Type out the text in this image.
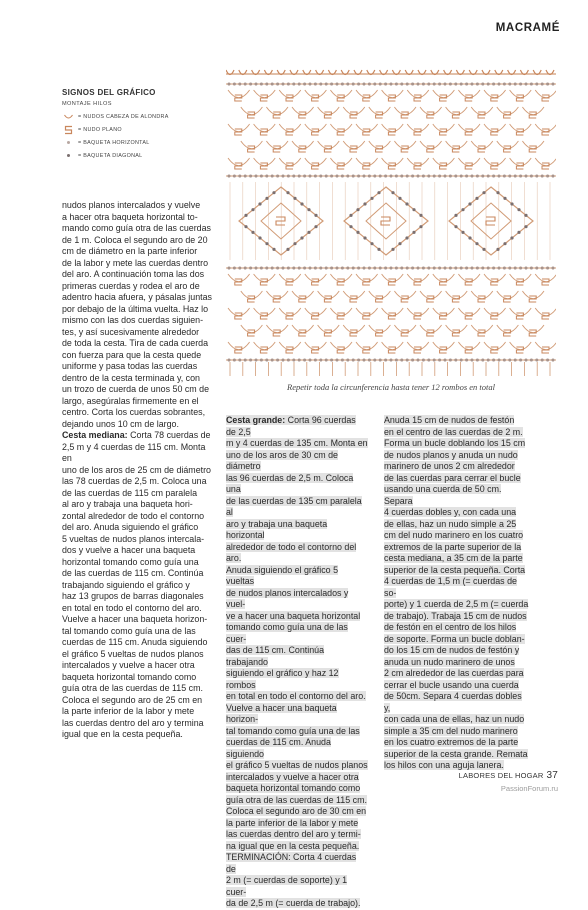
MACRAMÉ
SIGNOS DEL GRÁFICO
MONTAJE HILOS
= NUDOS CABEZA DE ALONDRA
= NUDO PLANO
= BAQUETA HORIZONTAL
= BAQUETA DIAGONAL
Repetir toda la circunferencia hasta tener 12 rombos en total

nudos planos intercalados y vuelve

a hacer otra baqueta horizontal to-

mando como guía otra de las cuerdas

de 1 m. Coloca el segundo aro de 20

cm de diámetro en la parte inferior

de la labor y mete las cuerdas dentro

del aro. A continuación toma las dos

primeras cuerdas y rodea el aro de

adentro hacia afuera, y pásalas juntas

por debajo de la última vuelta. Haz lo

mismo con las dos cuerdas siguien-

tes, y así sucesivamente alrededor

de toda la cesta. Tira de cada cuerda

con fuerza para que la cesta quede

uniforme y pasa todas las cuerdas

dentro de la cesta terminada y, con

un trozo de cuerda de unos 50 cm de

largo, asegúralas firmemente en el

centro. Corta los cuerdas sobrantes,

dejando unos 10 cm de largo.

Cesta mediana: Corta 78 cuerdas de

2,5 m y 4 cuerdas de 115 cm. Monta en

uno de los aros de 25 cm de diámetro

las 78 cuerdas de 2,5 m. Coloca una

de las cuerdas de 115 cm paralela

al aro y trabaja una baqueta hori-

zontal alrededor de todo el contorno

del aro. Anuda siguiendo el gráfico

5 vueltas de nudos planos intercala-

dos y vuelve a hacer una baqueta

horizontal tomando como guía una

de las cuerdas de 115 cm. Continúa

trabajando siguiendo el gráfico y

haz 13 grupos de barras diagonales

en total en todo el contorno del aro.

Vuelve a hacer una baqueta horizon-

tal tomando como guía una de las

cuerdas de 115 cm. Anuda siguiendo

el gráfico 5 vueltas de nudos planos

intercalados y vuelve a hacer otra

baqueta horizontal tomando como

guía otra de las cuerdas de 115 cm.

Coloca el segundo aro de 25 cm en

la parte inferior de la labor y mete

las cuerdas dentro del aro y termina

igual que en la cesta pequeña.

Cesta grande: Corta 96 cuerdas de 2,5

m y 4 cuerdas de 135 cm. Monta en

uno de los aros de 30 cm de diámetro

las 96 cuerdas de 2,5 m. Coloca una

de las cuerdas de 135 cm paralela al

aro y trabaja una baqueta horizontal

alrededor de todo el contorno del aro.

Anuda siguiendo el gráfico 5 vueltas

de nudos planos intercalados y vuel-

ve a hacer una baqueta horizontal

tomando como guía una de las cuer-

das de 115 cm. Continúa trabajando

siguiendo el gráfico y haz 12 rombos

en total en todo el contorno del aro.

Vuelve a hacer una baqueta horizon-

tal tomando como guía una de las

cuerdas de 115 cm. Anuda siguiendo

el gráfico 5 vueltas de nudos planos

intercalados y vuelve a hacer otra

baqueta horizontal tomando como

guía otra de las cuerdas de 115 cm.

Coloca el segundo aro de 30 cm en

la parte inferior de la labor y mete

las cuerdas dentro del aro y termi-

na igual que en la cesta pequeña.

TERMINACIÓN: Corta 4 cuerdas de

2 m (= cuerdas de soporte) y 1 cuer-

da de 2,5 m (= cuerda de trabajo).

Anuda 15 cm de nudos de festón

en el centro de las cuerdas de 2 m.

Forma un bucle doblando los 15 cm

de nudos planos y anuda un nudo

marinero de unos 2 cm alrededor

de las cuerdas para cerrar el bucle

usando una cuerda de 50 cm. Separa

4 cuerdas dobles y, con cada una

de ellas, haz un nudo simple a 25

cm del nudo marinero en los cuatro

extremos de la parte superior de la

cesta mediana, a 35 cm de la parte

superior de la cesta pequeña. Corta

4 cuerdas de 1,5 m (= cuerdas de so-

porte) y 1 cuerda de 2,5 m (= cuerda

de trabajo). Trabaja 15 cm de nudos

de festón en el centro de los hilos

de soporte. Forma un bucle doblan-

do los 15 cm de nudos de festón y

anuda un nudo marinero de unos

2 cm alrededor de las cuerdas para

cerrar el bucle usando una cuerda

de 50cm. Separa 4 cuerdas dobles y,

con cada una de ellas, haz un nudo

simple a 35 cm del nudo marinero

en los cuatro extremos de la parte

superior de la cesta grande. Remata

los hilos con una aguja lanera.

LABORES DEL HOGAR 37
PassionForum.ru
